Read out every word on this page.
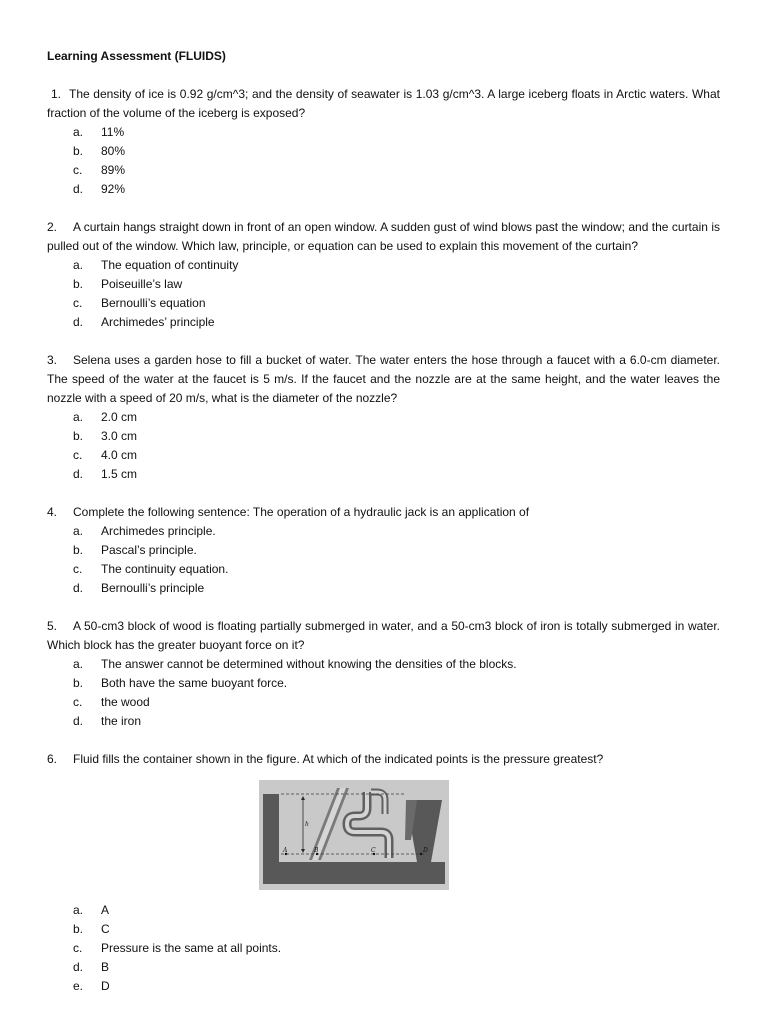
Learning Assessment (FLUIDS)
1. The density of ice is 0.92 g/cm^3; and the density of seawater is 1.03 g/cm^3. A large iceberg floats in Arctic waters. What fraction of the volume of the iceberg is exposed?
a.	11%
b.	80%
c.	89%
d.	92%
2. A curtain hangs straight down in front of an open window. A sudden gust of wind blows past the window; and the curtain is pulled out of the window. Which law, principle, or equation can be used to explain this movement of the curtain?
a.	The equation of continuity
b.	Poiseuille’s law
c.	Bernoulli’s equation
d.	Archimedes’ principle
3. Selena uses a garden hose to fill a bucket of water. The water enters the hose through a faucet with a 6.0-cm diameter. The speed of the water at the faucet is 5 m/s. If the faucet and the nozzle are at the same height, and the water leaves the nozzle with a speed of 20 m/s, what is the diameter of the nozzle?
a.	2.0 cm
b.	3.0 cm
c.	4.0 cm
d.	1.5 cm
4. Complete the following sentence: The operation of a hydraulic jack is an application of
a.	Archimedes principle.
b.	Pascal’s principle.
c.	The continuity equation.
d.	Bernoulli’s principle
5. A 50-cm3 block of wood is floating partially submerged in water, and a 50-cm3 block of iron is totally submerged in water. Which block has the greater buoyant force on it?
a.	The answer cannot be determined without knowing the densities of the blocks.
b.	Both have the same buoyant force.
c.	the wood
d.	the iron
6. Fluid fills the container shown in the figure. At which of the indicated points is the pressure greatest?
h
A	B	C	D
a.	A
b.	C
c.	Pressure is the same at all points.
d.	B
e.	D
